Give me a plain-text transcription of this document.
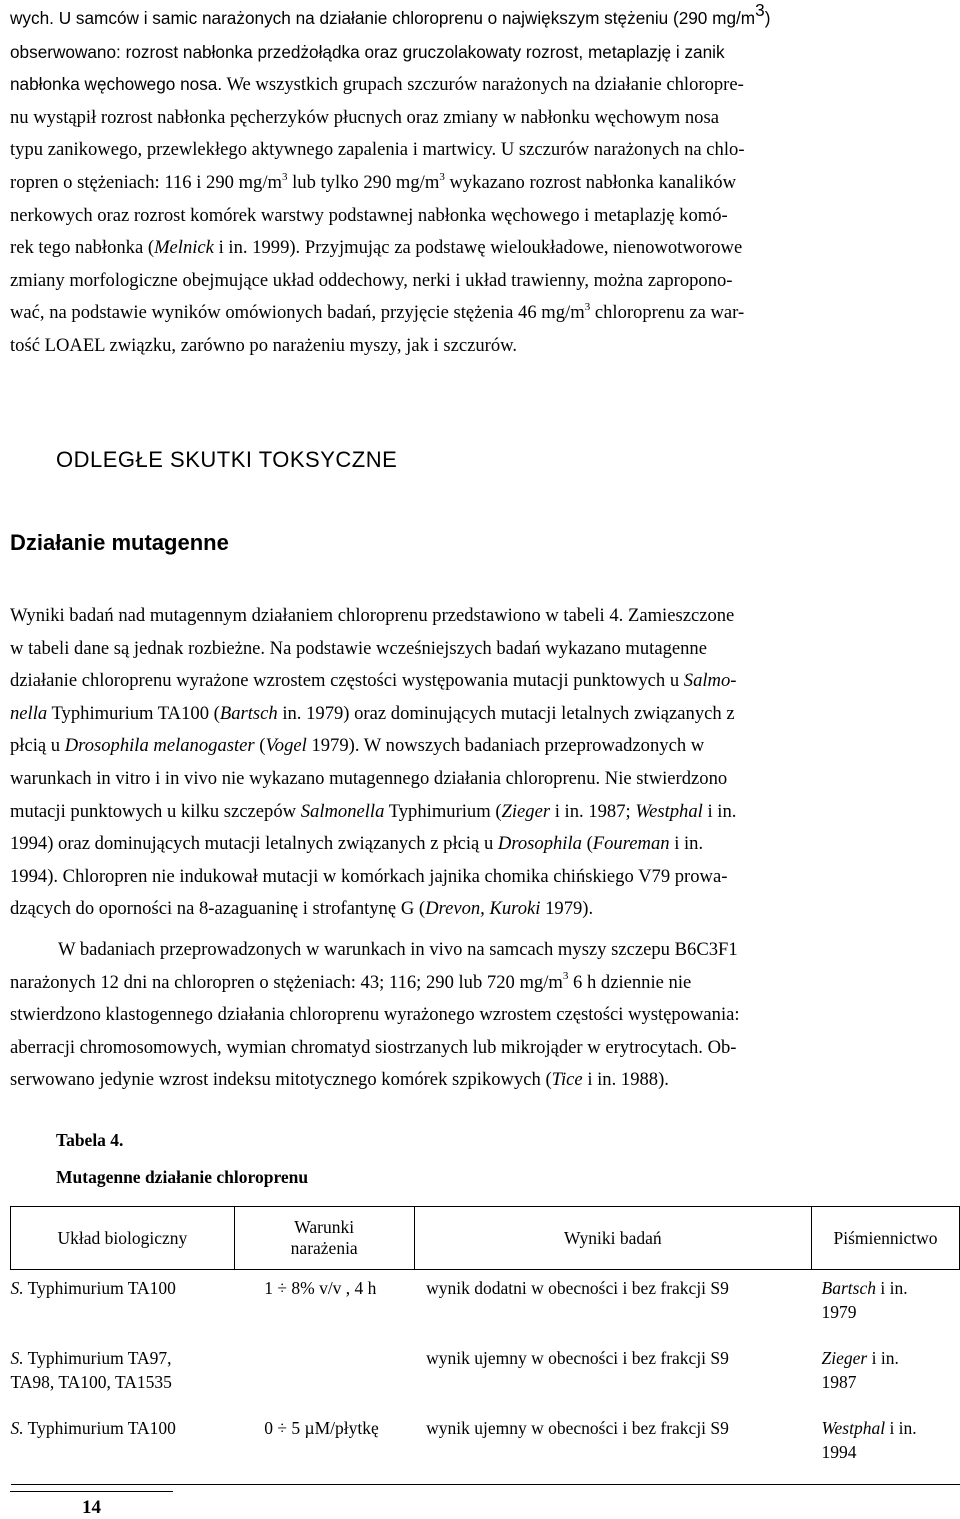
wych. U samców i samic narażonych na działanie chloroprenu o największym stężeniu (290 $mg/m^3$)
obserwowano: rozrost nabłonka przedżołądka oraz gruczolakowaty rozrost, metaplazję i zanik
nabłonka węchowego nosa. We wszystkich grupach szczurów narażonych na działanie chloropre-
nu wystąpił rozrost nabłonka pęcherzyków płucnych oraz zmiany w nabłonku węchowym nosa
typu zanikowego, przewlekłego aktywnego zapalenia i martwicy. U szczurów narażonych na chlo-
ropren o stężeniach: 116 i 290 $mg/m^3$ lub tylko 290 $mg/m^3$ wykazano rozrost nabłonka kanalików
nerkowych oraz rozrost komórek warstwy podstawnej nabłonka węchowego i metaplazję komó-
rek tego nabłonka (Melnick i in. 1999). Przyjmując za podstawę wieloukładowe, nienowotworowe
zmiany morfologiczne obejmujące układ oddechowy, nerki i układ trawienny, można zapropono-
wać, na podstawie wyników omówionych badań, przyjęcie stężenia 46 $mg/m^3$ chloroprenu za war-
tość LOAEL związku, zarówno po narażeniu myszy, jak i szczurów.
ODLEGŁE SKUTKI TOKSYCZNE
Działanie mutagenne
Wyniki badań nad mutagennym działaniem chloroprenu przedstawiono w tabeli 4. Zamieszczone
w tabeli dane są jednak rozbieżne. Na podstawie wcześniejszych badań wykazano mutagenne
działanie chloroprenu wyrażone wzrostem częstości występowania mutacji punktowych u Salmo-
nella Typhimurium TA100 (Bartsch in. 1979) oraz dominujących mutacji letalnych związanych z
płcią u Drosophila melanogaster (Vogel 1979). W nowszych badaniach przeprowadzonych w
warunkach in vitro i in vivo nie wykazano mutagennego działania chloroprenu. Nie stwierdzono
mutacji punktowych u kilku szczepów Salmonella Typhimurium (Zieger i in. 1987; Westphal i in.
1994) oraz dominujących mutacji letalnych związanych z płcią u Drosophila (Foureman i in.
1994). Chloropren nie indukował mutacji w komórkach jajnika chomika chińskiego V79 prowa-
dzących do oporności na 8-azaguaninę i strofantynę G (Drevon, Kuroki 1979).
W badaniach przeprowadzonych w warunkach in vivo na samcach myszy szczepu B6C3F1
narażonych 12 dni na chloropren o stężeniach: 43; 116; 290 lub 720 $mg/m^3$ 6 h dziennie nie
stwierdzono klastogennego działania chloroprenu wyrażonego wzrostem częstości występowania:
aberracji chromosomowych, wymian chromatyd siostrzanych lub mikrojąder w erytrocytach. Ob-
serwowano jedynie wzrost indeksu mitotycznego komórek szpikowych (Tice i in. 1988).
Tabela 4.
Mutagenne działanie chloroprenu
Układ biologiczny	Warunki
narażenia	Wyniki badań	Piśmiennictwo
S. Typhimurium TA100	1 ÷ 8% v/v , 4 h	wynik dodatni w obecności i bez frakcji S9	Bartsch i in.
1979
S. Typhimurium TA97,
TA98, TA100, TA1535		wynik ujemny w obecności i bez frakcji S9	Zieger i in.
1987
S. Typhimurium TA100	0 ÷ 5 µM/płytkę	wynik ujemny w obecności i bez frakcji S9	Westphal i in.
1994
14
